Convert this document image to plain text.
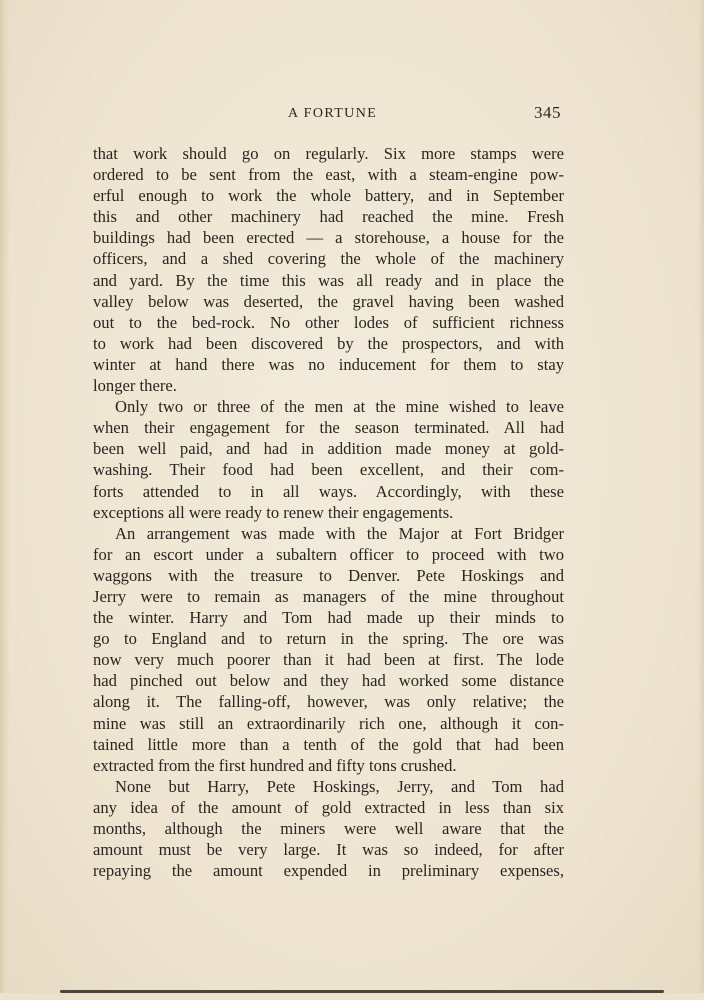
A FORTUNE	345
that work should go on regularly. Six more stamps were
ordered to be sent from the east, with a steam-engine pow-
erful enough to work the whole battery, and in September
this and other machinery had reached the mine. Fresh
buildings had been erected — a storehouse, a house for the
officers, and a shed covering the whole of the machinery
and yard. By the time this was all ready and in place the
valley below was deserted, the gravel having been washed
out to the bed-rock. No other lodes of sufficient richness
to work had been discovered by the prospectors, and with
winter at hand there was no inducement for them to stay
longer there.
Only two or three of the men at the mine wished to leave
when their engagement for the season terminated. All had
been well paid, and had in addition made money at gold-
washing. Their food had been excellent, and their com-
forts attended to in all ways. Accordingly, with these
exceptions all were ready to renew their engagements.
An arrangement was made with the Major at Fort Bridger
for an escort under a subaltern officer to proceed with two
waggons with the treasure to Denver. Pete Hoskings and
Jerry were to remain as managers of the mine throughout
the winter. Harry and Tom had made up their minds to
go to England and to return in the spring. The ore was
now very much poorer than it had been at first. The lode
had pinched out below and they had worked some distance
along it. The falling-off, however, was only relative; the
mine was still an extraordinarily rich one, although it con-
tained little more than a tenth of the gold that had been
extracted from the first hundred and fifty tons crushed.
None but Harry, Pete Hoskings, Jerry, and Tom had
any idea of the amount of gold extracted in less than six
months, although the miners were well aware that the
amount must be very large. It was so indeed, for after
repaying the amount expended in preliminary expenses,
